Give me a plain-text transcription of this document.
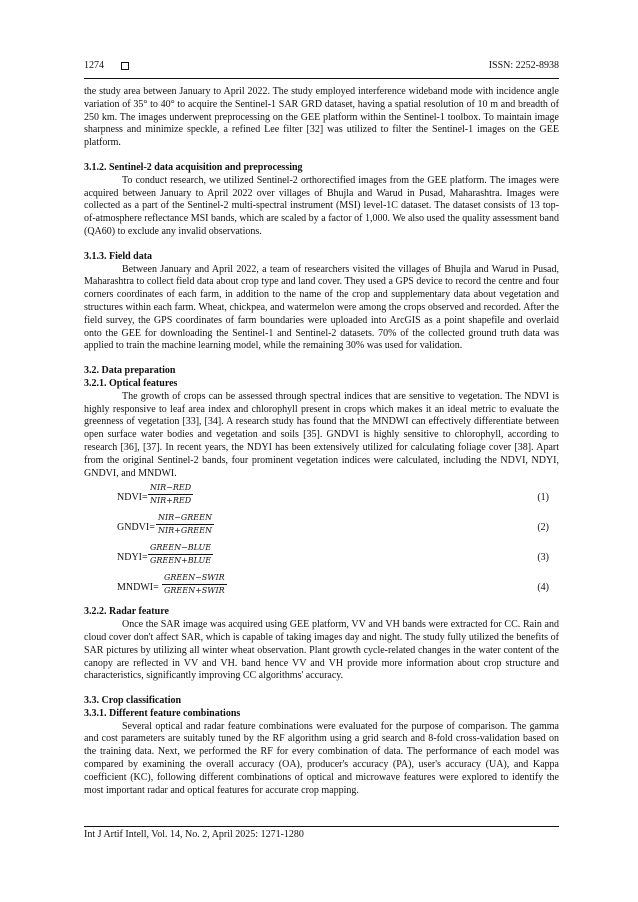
1274	ISSN: 2252-8938

the study area between January to April 2022. The study employed interference wideband mode with incidence angle variation of 35° to 40° to acquire the Sentinel-1 SAR GRD dataset, having a spatial resolution of 10 m and breadth of 250 km. The images underwent preprocessing on the GEE platform within the Sentinel-1 toolbox. To maintain image sharpness and minimize speckle, a refined Lee filter [32] was utilized to filter the Sentinel-1 images on the GEE platform.

3.1.2. Sentinel-2 data acquisition and preprocessing

To conduct research, we utilized Sentinel-2 orthorectified images from the GEE platform. The images were acquired between January to April 2022 over villages of Bhujla and Warud in Pusad, Maharashtra. Images were collected as a part of the Sentinel-2 multi-spectral instrument (MSI) level-1C dataset. The dataset consists of 13 top-of-atmosphere reflectance MSI bands, which are scaled by a factor of 1,000. We also used the quality assessment band (QA60) to exclude any invalid observations.

3.1.3. Field data

Between January and April 2022, a team of researchers visited the villages of Bhujla and Warud in Pusad, Maharashtra to collect field data about crop type and land cover. They used a GPS device to record the centre and four corners coordinates of each farm, in addition to the name of the crop and supplementary data about vegetation and structures within each farm. Wheat, chickpea, and watermelon were among the crops observed and recorded. After the field survey, the GPS coordinates of farm boundaries were uploaded into ArcGIS as a point shapefile and overlaid onto the GEE for downloading the Sentinel-1 and Sentinel-2 datasets. 70% of the collected ground truth data was applied to train the machine learning model, while the remaining 30% was used for validation.

3.2. Data preparation
3.2.1. Optical features

The growth of crops can be assessed through spectral indices that are sensitive to vegetation. The NDVI is highly responsive to leaf area index and chlorophyll present in crops which makes it an ideal metric to evaluate the greenness of vegetation [33], [34]. A research study has found that the MNDWI can effectively differentiate between open surface water bodies and vegetation and soils [35]. GNDVI is highly sensitive to chlorophyll, according to research [36], [37]. In recent years, the NDYI has been extensively utilized for calculating foliage cover [38]. Apart from the original Sentinel-2 bands, four prominent vegetation indices were calculated, including the NDVI, NDYI, GNDVI, and MNDWI.

NDVI=
NIR−RED
NIR+RED	(1)
GNDVI=
NIR−GREEN
NIR+GREEN	(2)
NDYI=
GREEN−BLUE
GREEN+BLUE	(3)
MNDWI=
GREEN−SWIR
GREEN+SWIR	(4)
3.2.2. Radar feature

Once the SAR image was acquired using GEE platform, VV and VH bands were extracted for CC. Rain and cloud cover don't affect SAR, which is capable of taking images day and night. The study fully utilized the benefits of SAR pictures by utilizing all winter wheat observation. Plant growth cycle-related changes in the water content of the canopy are reflected in VV and VH. band hence VV and VH provide more information about crop structure and characteristics, significantly improving CC algorithms' accuracy.

3.3. Crop classification
3.3.1. Different feature combinations

Several optical and radar feature combinations were evaluated for the purpose of comparison. The gamma and cost parameters are suitably tuned by the RF algorithm using a grid search and 8-fold cross-validation based on the training data. Next, we performed the RF for every combination of data. The performance of each model was compared by examining the overall accuracy (OA), producer's accuracy (PA), user's accuracy (UA), and Kappa coefficient (KC), following different combinations of optical and microwave features were explored to identify the most important radar and optical features for accurate crop mapping.

Int J Artif Intell, Vol. 14, No. 2, April 2025: 1271-1280
